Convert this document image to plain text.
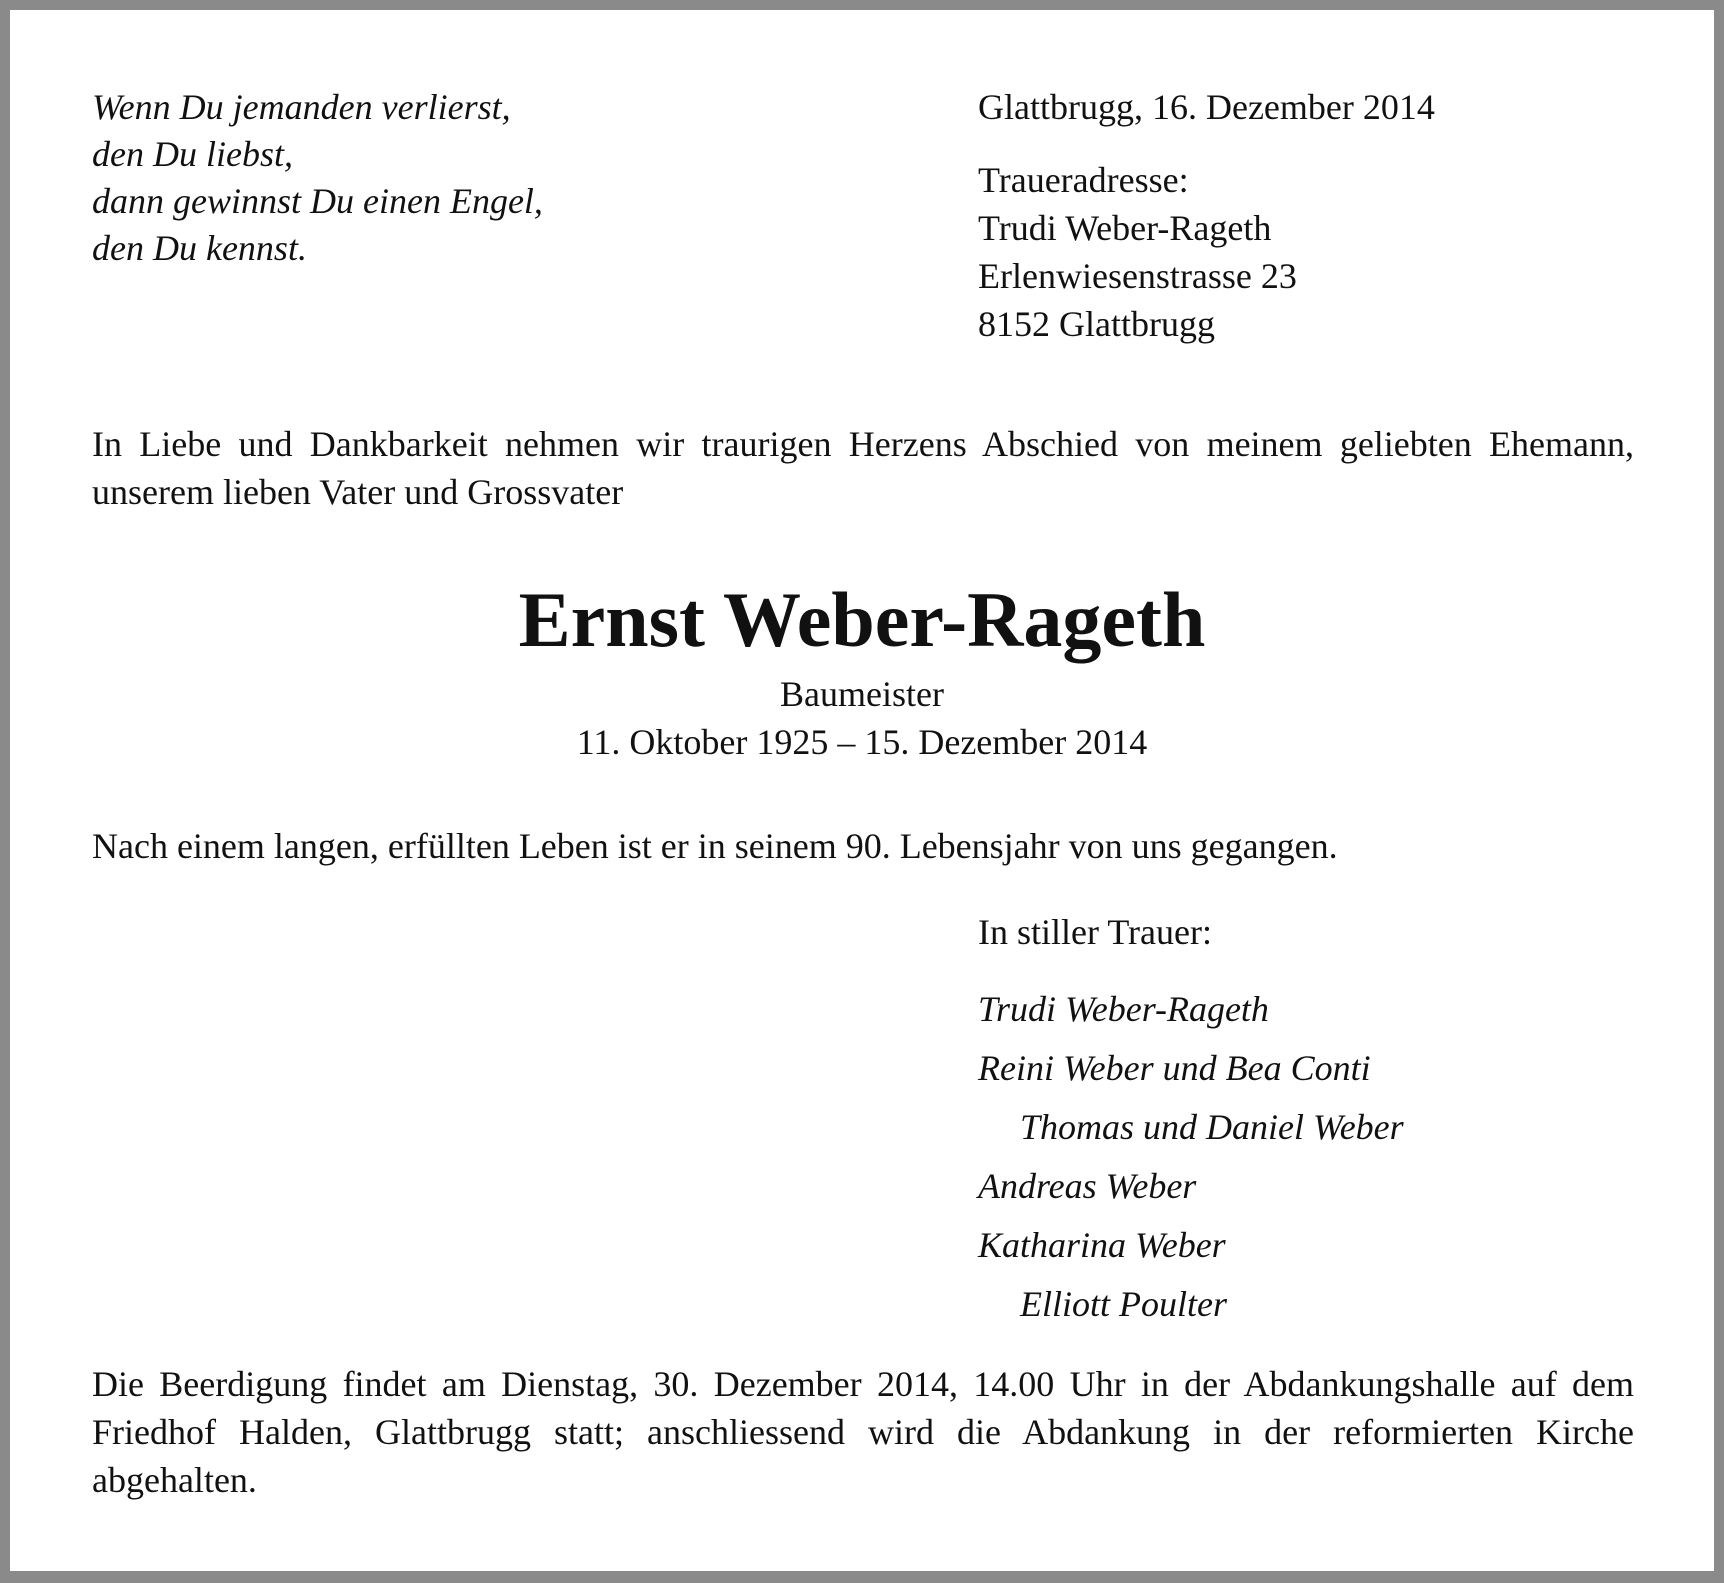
Wenn Du jemanden verlierst,
den Du liebst,
dann gewinnst Du einen Engel,
den Du kennst.
Glattbrugg, 16. Dezember 2014
Traueradresse:
Trudi Weber-Rageth
Erlenwiesenstrasse 23
8152 Glattbrugg
In Liebe und Dankbarkeit nehmen wir traurigen Herzens Abschied von meinem geliebten Ehemann, unserem lieben Vater und Grossvater
Ernst Weber-Rageth
Baumeister
11. Oktober 1925 – 15. Dezember 2014
Nach einem langen, erfüllten Leben ist er in seinem 90. Lebensjahr von uns gegangen.
In stiller Trauer:
Trudi Weber-Rageth
Reini Weber und Bea Conti
Thomas und Daniel Weber
Andreas Weber
Katharina Weber
Elliott Poulter
Die Beerdigung findet am Dienstag, 30. Dezember 2014, 14.00 Uhr in der Abdankungshalle auf dem Friedhof Halden, Glattbrugg statt; anschliessend wird die Abdankung in der reformierten Kirche abgehalten.
